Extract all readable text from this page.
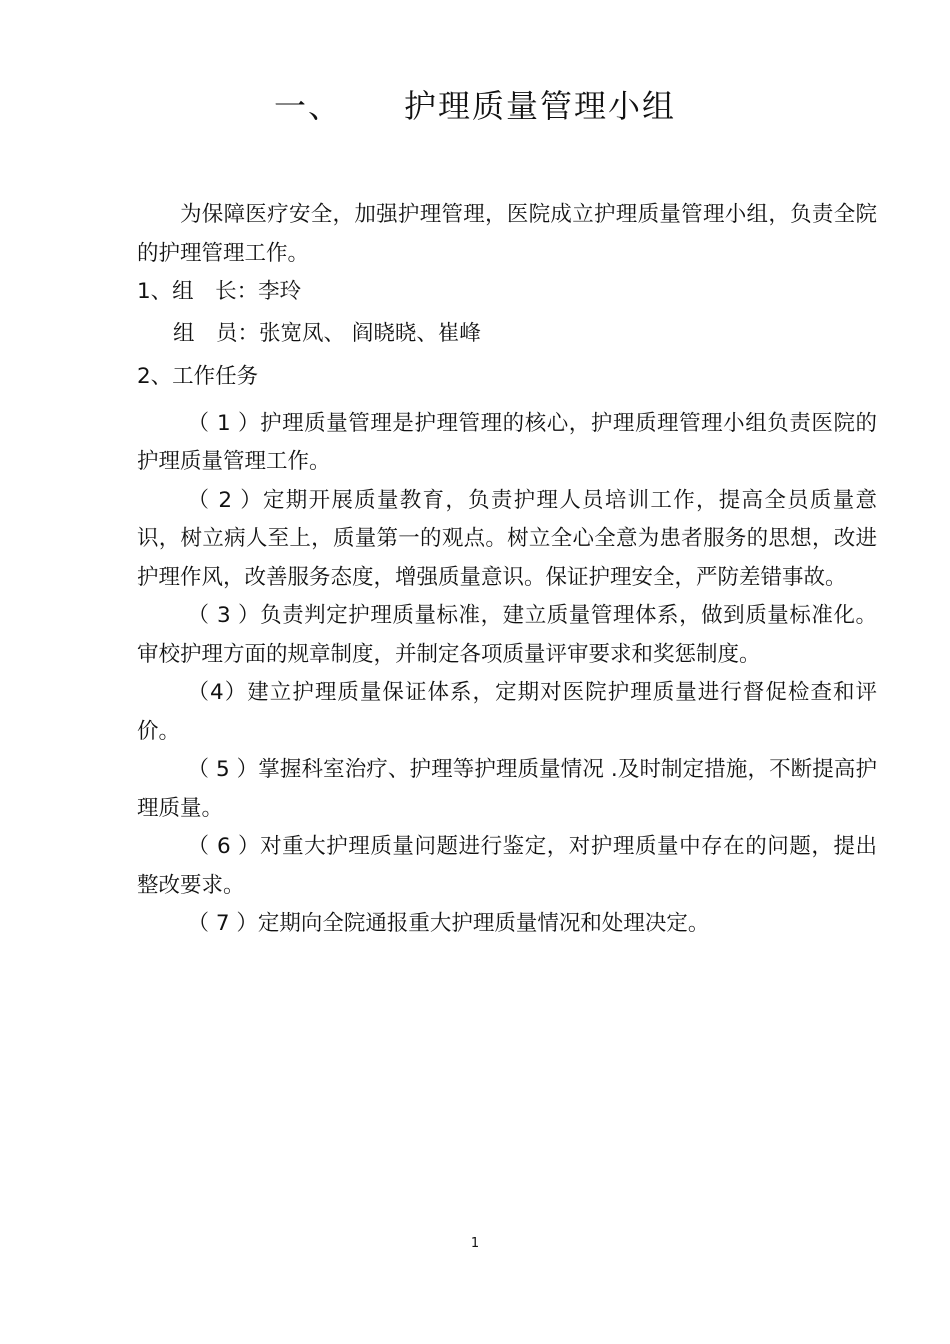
一、 护理质量管理小组

为保障医疗安全，加强护理管理，医院成立护理质量管理小组，负责全院的护理管理工作。

1、组　长：李玲

组　员：张宽凤、 阎晓晓、崔峰

2、工作任务

（ 1 ）护理质量管理是护理管理的核心，护理质理管理小组负责医院的护理质量管理工作。

（ 2 ）定期开展质量教育，负责护理人员培训工作，提高全员质量意识，树立病人至上，质量第一的观点。树立全心全意为患者服务的思想，改进护理作风，改善服务态度，增强质量意识。保证护理安全，严防差错事故。

（ 3 ）负责判定护理质量标准，建立质量管理体系，做到质量标准化。审校护理方面的规章制度，并制定各项质量评审要求和奖惩制度。

（4）建立护理质量保证体系，定期对医院护理质量进行督促检查和评价。

（ 5 ）掌握科室治疗、护理等护理质量情况 .及时制定措施，不断提高护理质量。

（ 6 ）对重大护理质量问题进行鉴定，对护理质量中存在的问题，提出整改要求。

（ 7 ）定期向全院通报重大护理质量情况和处理决定。

1
